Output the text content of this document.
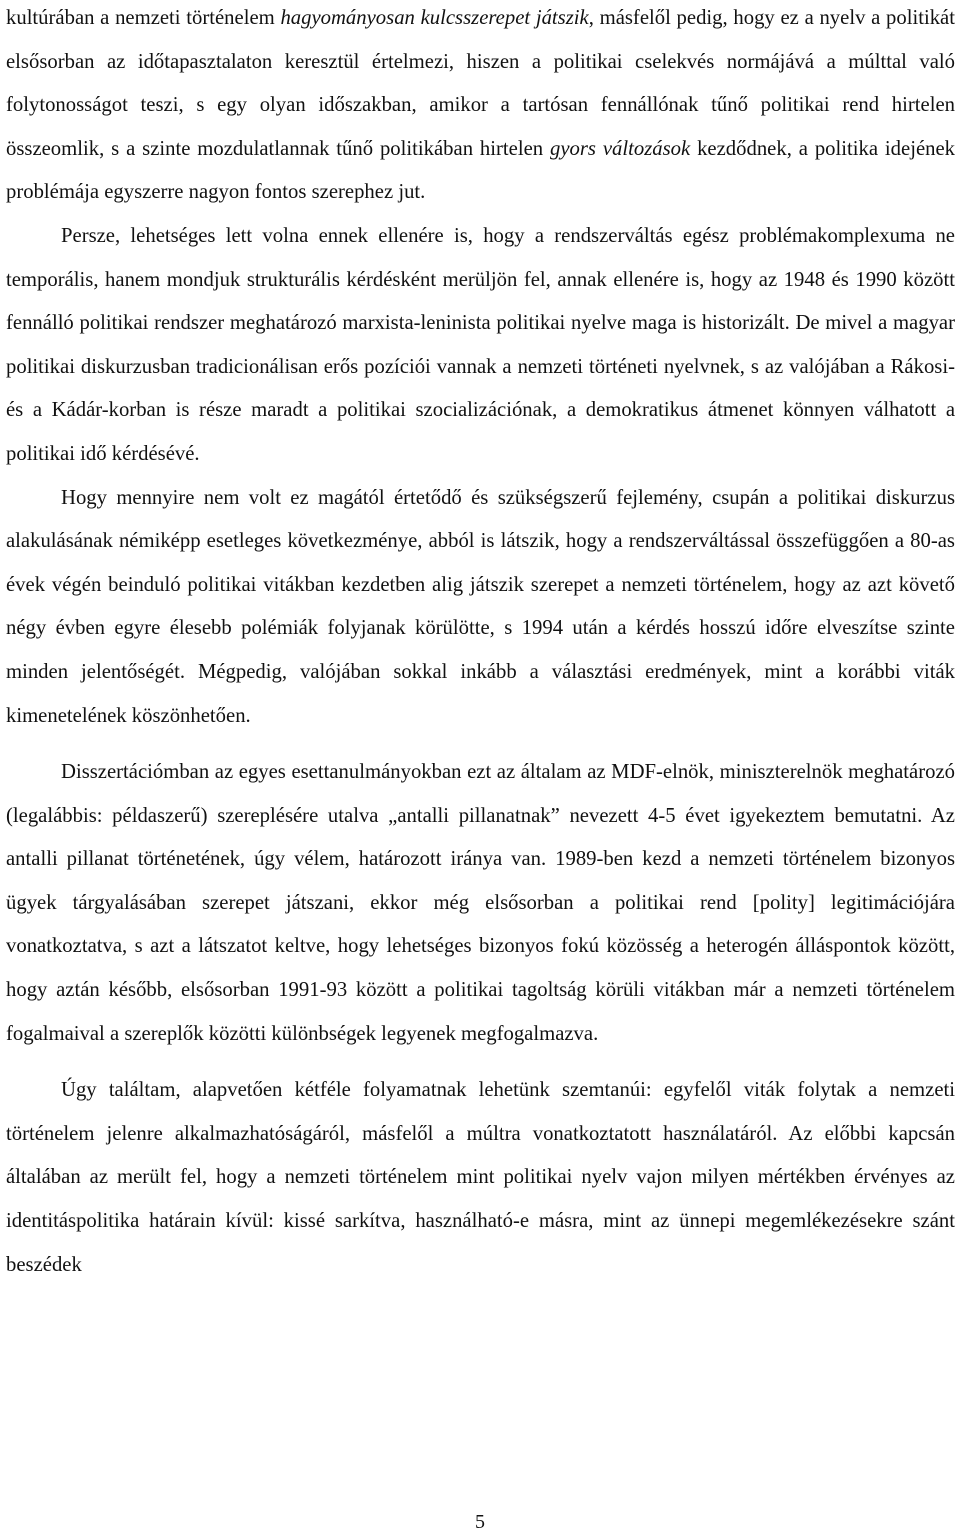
kultúrában a nemzeti történelem hagyományosan kulcsszerepet játszik, másfelől pedig, hogy ez a nyelv a politikát elsősorban az időtapasztalaton keresztül értelmezi, hiszen a politikai cselekvés normájává a múlttal való folytonosságot teszi, s egy olyan időszakban, amikor a tartósan fennállónak tűnő politikai rend hirtelen összeomlik, s a szinte mozdulatlannak tűnő politikában hirtelen gyors változások kezdődnek, a politika idejének problémája egyszerre nagyon fontos szerephez jut.

Persze, lehetséges lett volna ennek ellenére is, hogy a rendszerváltás egész problémakomplexuma ne temporális, hanem mondjuk strukturális kérdésként merüljön fel, annak ellenére is, hogy az 1948 és 1990 között fennálló politikai rendszer meghatározó marxista-leninista politikai nyelve maga is historizált. De mivel a magyar politikai diskurzusban tradicionálisan erős pozíciói vannak a nemzeti történeti nyelvnek, s az valójában a Rákosi- és a Kádár-korban is része maradt a politikai szocializációnak, a demokratikus átmenet könnyen válhatott a politikai idő kérdésévé.

Hogy mennyire nem volt ez magától értetődő és szükségszerű fejlemény, csupán a politikai diskurzus alakulásának némiképp esetleges következménye, abból is látszik, hogy a rendszerváltással összefüggően a 80-as évek végén beinduló politikai vitákban kezdetben alig játszik szerepet a nemzeti történelem, hogy az azt követő négy évben egyre élesebb polémiák folyjanak körülötte, s 1994 után a kérdés hosszú időre elveszítse szinte minden jelentőségét. Mégpedig, valójában sokkal inkább a választási eredmények, mint a korábbi viták kimenetelének köszönhetően.

Disszertációmban az egyes esettanulmányokban ezt az általam az MDF-elnök, miniszterelnök meghatározó (legalábbis: példaszerű) szereplésére utalva „antalli pillanatnak” nevezett 4-5 évet igyekeztem bemutatni. Az antalli pillanat történetének, úgy vélem, határozott iránya van. 1989-ben kezd a nemzeti történelem bizonyos ügyek tárgyalásában szerepet játszani, ekkor még elsősorban a politikai rend [polity] legitimációjára vonatkoztatva, s azt a látszatot keltve, hogy lehetséges bizonyos fokú közösség a heterogén álláspontok között, hogy aztán később, elsősorban 1991-93 között a politikai tagoltság körüli vitákban már a nemzeti történelem fogalmaival a szereplők közötti különbségek legyenek megfogalmazva.

Úgy találtam, alapvetően kétféle folyamatnak lehetünk szemtanúi: egyfelől viták folytak a nemzeti történelem jelenre alkalmazhatóságáról, másfelől a múltra vonatkoztatott használatáról. Az előbbi kapcsán általában az merült fel, hogy a nemzeti történelem mint politikai nyelv vajon milyen mértékben érvényes az identitáspolitika határain kívül: kissé sarkítva, használható-e másra, mint az ünnepi megemlékezésekre szánt beszédek

5
